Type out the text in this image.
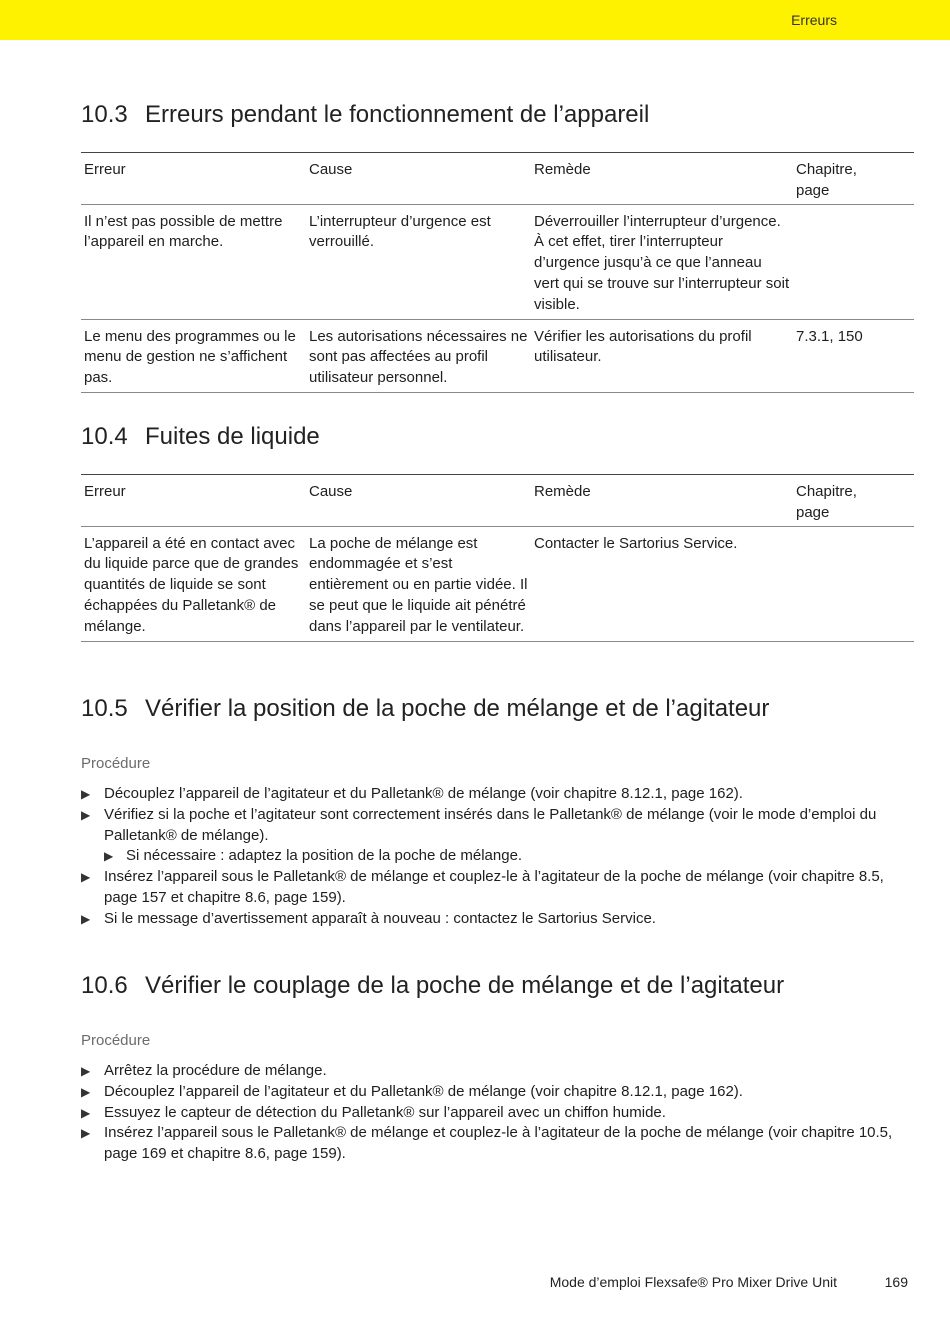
Erreurs
10.3 Erreurs pendant le fonctionnement de l’appareil
Erreur	Cause	Remède	Chapitre, page
Il n’est pas possible de mettre l’appareil en marche.	L’interrupteur d’urgence est verrouillé.	Déverrouiller l’interrupteur d’urgence. À cet effet, tirer l’interrupteur d’urgence jusqu’à ce que l’anneau vert qui se trouve sur l’interrupteur soit visible.	
Le menu des programmes ou le menu de gestion ne s’affichent pas.	Les autorisations nécessaires ne sont pas affectées au profil utilisateur personnel.	Vérifier les autorisations du profil utilisateur.	7.3.1, 150
10.4 Fuites de liquide
Erreur	Cause	Remède	Chapitre, page
L’appareil a été en contact avec du liquide parce que de grandes quantités de liquide se sont échappées du Palletank® de mélange.	La poche de mélange est endommagée et s’est entièrement ou en partie vidée. Il se peut que le liquide ait pénétré dans l’appareil par le ventilateur.	Contacter le Sartorius Service.	
10.5 Vérifier la position de la poche de mélange et de l’agitateur
Procédure
▶ Découplez l’appareil de l’agitateur et du Palletank® de mélange (voir chapitre 8.12.1, page 162).
▶ Vérifiez si la poche et l’agitateur sont correctement insérés dans le Palletank® de mélange (voir le mode d’emploi du Palletank® de mélange).
▶ Si nécessaire : adaptez la position de la poche de mélange.
▶ Insérez l’appareil sous le Palletank® de mélange et couplez-le à l’agitateur de la poche de mélange (voir chapitre 8.5, page 157 et chapitre 8.6, page 159).
▶ Si le message d’avertissement apparaît à nouveau : contactez le Sartorius Service.
10.6 Vérifier le couplage de la poche de mélange et de l’agitateur
Procédure
▶ Arrêtez la procédure de mélange.
▶ Découplez l’appareil de l’agitateur et du Palletank® de mélange (voir chapitre 8.12.1, page 162).
▶ Essuyez le capteur de détection du Palletank® sur l’appareil avec un chiffon humide.
▶ Insérez l’appareil sous le Palletank® de mélange et couplez-le à l’agitateur de la poche de mélange (voir chapitre 10.5, page 169 et chapitre 8.6, page 159).
Mode d’emploi Flexsafe® Pro Mixer Drive Unit	169
